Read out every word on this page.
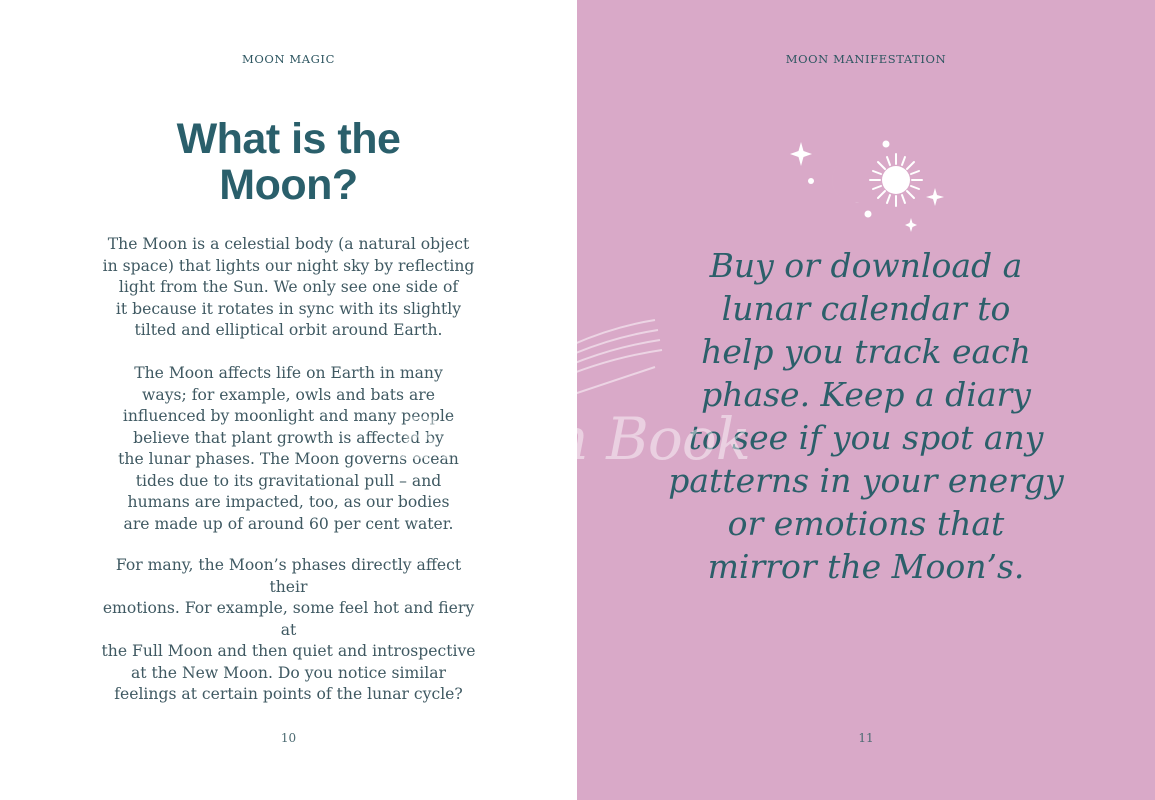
MOON MAGIC
What is the
Moon?

The Moon is a celestial body (a natural object
in space) that lights our night sky by reflecting
light from the Sun. We only see one side of
it because it rotates in sync with its slightly
tilted and elliptical orbit around Earth.

The Moon affects life on Earth in many
ways; for example, owls and bats are
influenced by moonlight and many people
believe that plant growth is affected by
the lunar phases. The Moon governs ocean
tides due to its gravitational pull – and
humans are impacted, too, as our bodies
are made up of around 60 per cent water.

For many, the Moon’s phases directly affect their
emotions. For example, some feel hot and fiery at
the Full Moon and then quiet and introspective
at the New Moon. Do you notice similar
feelings at certain points of the lunar cycle?

10
MOON MANIFESTATION

Buy or download a
lunar calendar to
help you track each
phase. Keep a diary
to see if you spot any
patterns in your energy
or emotions that
mirror the Moon’s.

11
British Book
